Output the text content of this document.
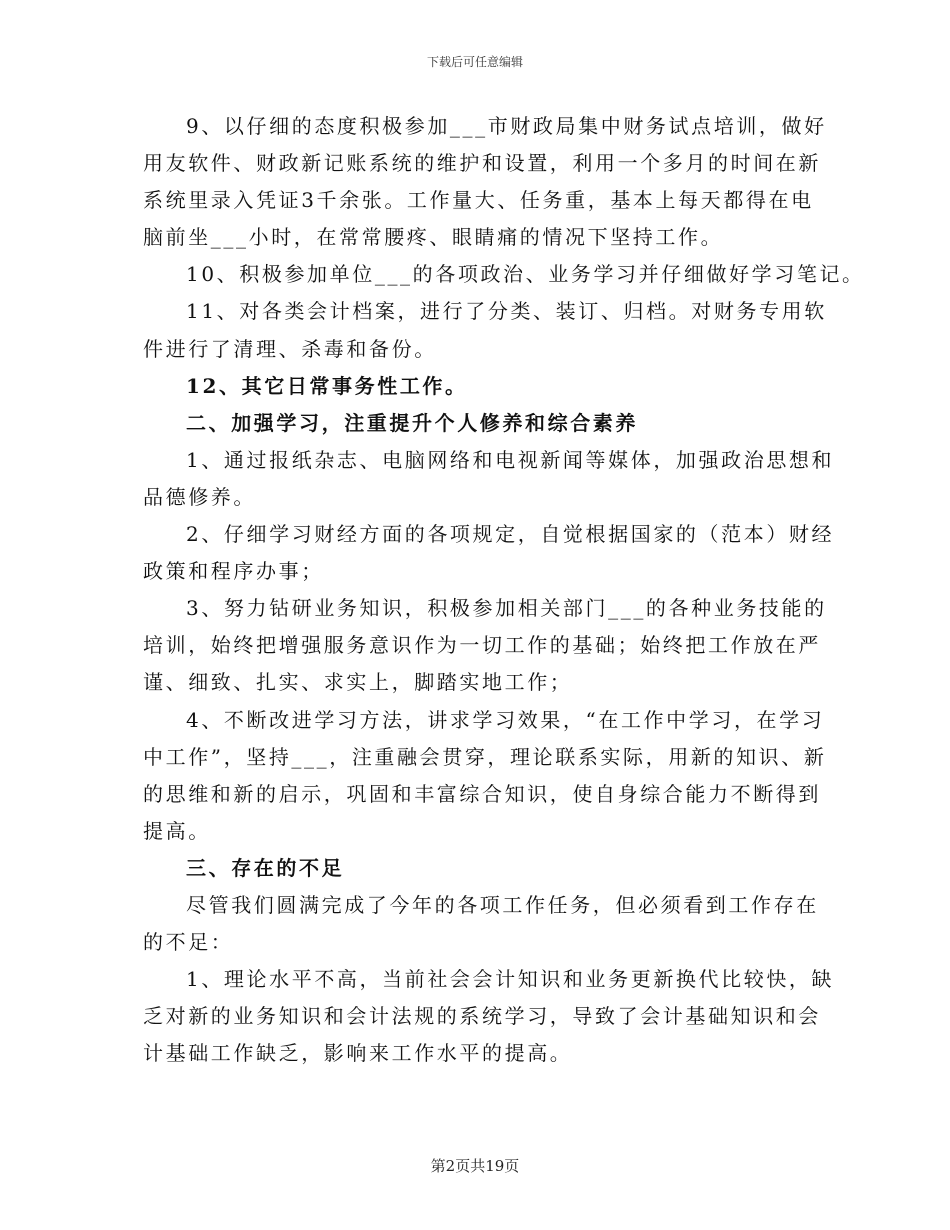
下载后可任意编辑
9、以仔细的态度积极参加___市财政局集中财务试点培训，做好
用友软件、财政新记账系统的维护和设置，利用一个多月的时间在新
系统里录入凭证3千余张。工作量大、任务重，基本上每天都得在电
脑前坐___小时，在常常腰疼、眼睛痛的情况下坚持工作。
10、积极参加单位___的各项政治、业务学习并仔细做好学习笔记。
11、对各类会计档案，进行了分类、装订、归档。对财务专用软
件进行了清理、杀毒和备份。
12、其它日常事务性工作。
二、加强学习，注重提升个人修养和综合素养
1、通过报纸杂志、电脑网络和电视新闻等媒体，加强政治思想和
品德修养。
2、仔细学习财经方面的各项规定，自觉根据国家的（范本）财经
政策和程序办事；
3、努力钻研业务知识，积极参加相关部门___的各种业务技能的
培训，始终把增强服务意识作为一切工作的基础；始终把工作放在严
谨、细致、扎实、求实上，脚踏实地工作；
4、不断改进学习方法，讲求学习效果，“在工作中学习，在学习
中工作”，坚持___，注重融会贯穿，理论联系实际，用新的知识、新
的思维和新的启示，巩固和丰富综合知识，使自身综合能力不断得到
提高。
三、存在的不足
尽管我们圆满完成了今年的各项工作任务，但必须看到工作存在
的不足：
1、理论水平不高，当前社会会计知识和业务更新换代比较快，缺
乏对新的业务知识和会计法规的系统学习，导致了会计基础知识和会
计基础工作缺乏，影响来工作水平的提高。
第2页共19页
